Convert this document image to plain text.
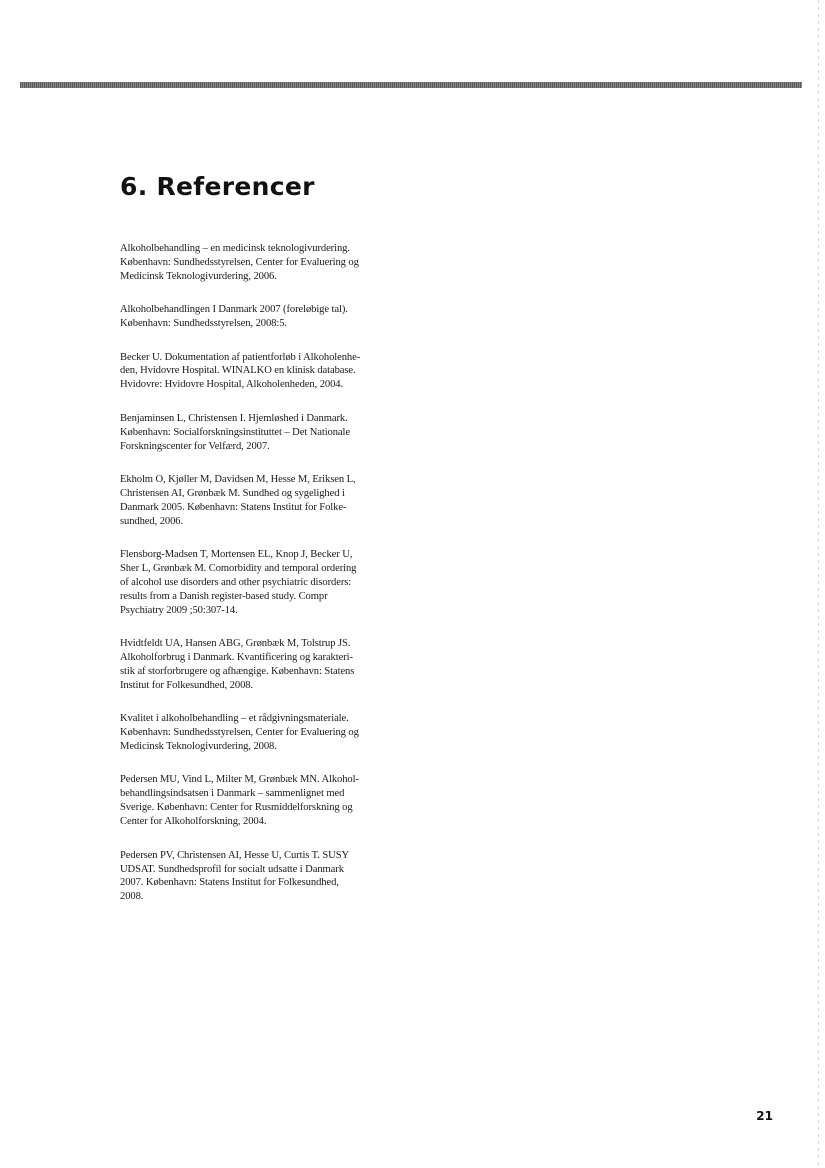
6. Referencer
Alkoholbehandling – en medicinsk teknologivurdering.
København: Sundhedsstyrelsen, Center for Evaluering og
Medicinsk Teknologivurdering, 2006.
Alkoholbehandlingen I Danmark 2007 (foreløbige tal).
København: Sundhedsstyrelsen, 2008:5.
Becker U. Dokumentation af patientforløb i Alkoholenhe-
den, Hvidovre Hospital. WINALKO en klinisk database.
Hvidovre: Hvidovre Hospital, Alkoholenheden, 2004.
Benjaminsen L, Christensen I. Hjemløshed i Danmark.
København: Socialforskningsinstituttet – Det Nationale
Forskningscenter for Velfærd, 2007.
Ekholm O, Kjøller M, Davidsen M, Hesse M, Eriksen L,
Christensen AI, Grønbæk M. Sundhed og sygelighed i
Danmark 2005. København: Statens Institut for Folke-
sundhed, 2006.
Flensborg-Madsen T, Mortensen EL, Knop J, Becker U,
Sher L, Grønbæk M. Comorbidity and temporal ordering
of alcohol use disorders and other psychiatric disorders:
results from a Danish register-based study. Compr
Psychiatry 2009 ;50:307-14.
Hvidtfeldt UA, Hansen ABG, Grønbæk M, Tolstrup JS.
Alkoholforbrug i Danmark. Kvantificering og karakteri-
stik af storforbrugere og afhængige. København: Statens
Institut for Folkesundhed, 2008.
Kvalitet i alkoholbehandling – et rådgivningsmateriale.
København: Sundhedsstyrelsen, Center for Evaluering og
Medicinsk Teknologivurdering, 2008.
Pedersen MU, Vind L, Milter M, Grønbæk MN. Alkohol-
behandlingsindsatsen i Danmark – sammenlignet med
Sverige. København: Center for Rusmiddelforskning og
Center for Alkoholforskning, 2004.
Pedersen PV, Christensen AI, Hesse U, Curtis T. SUSY
UDSAT. Sundhedsprofil for socialt udsatte i Danmark
2007. København: Statens Institut for Folkesundhed,
2008.
21
